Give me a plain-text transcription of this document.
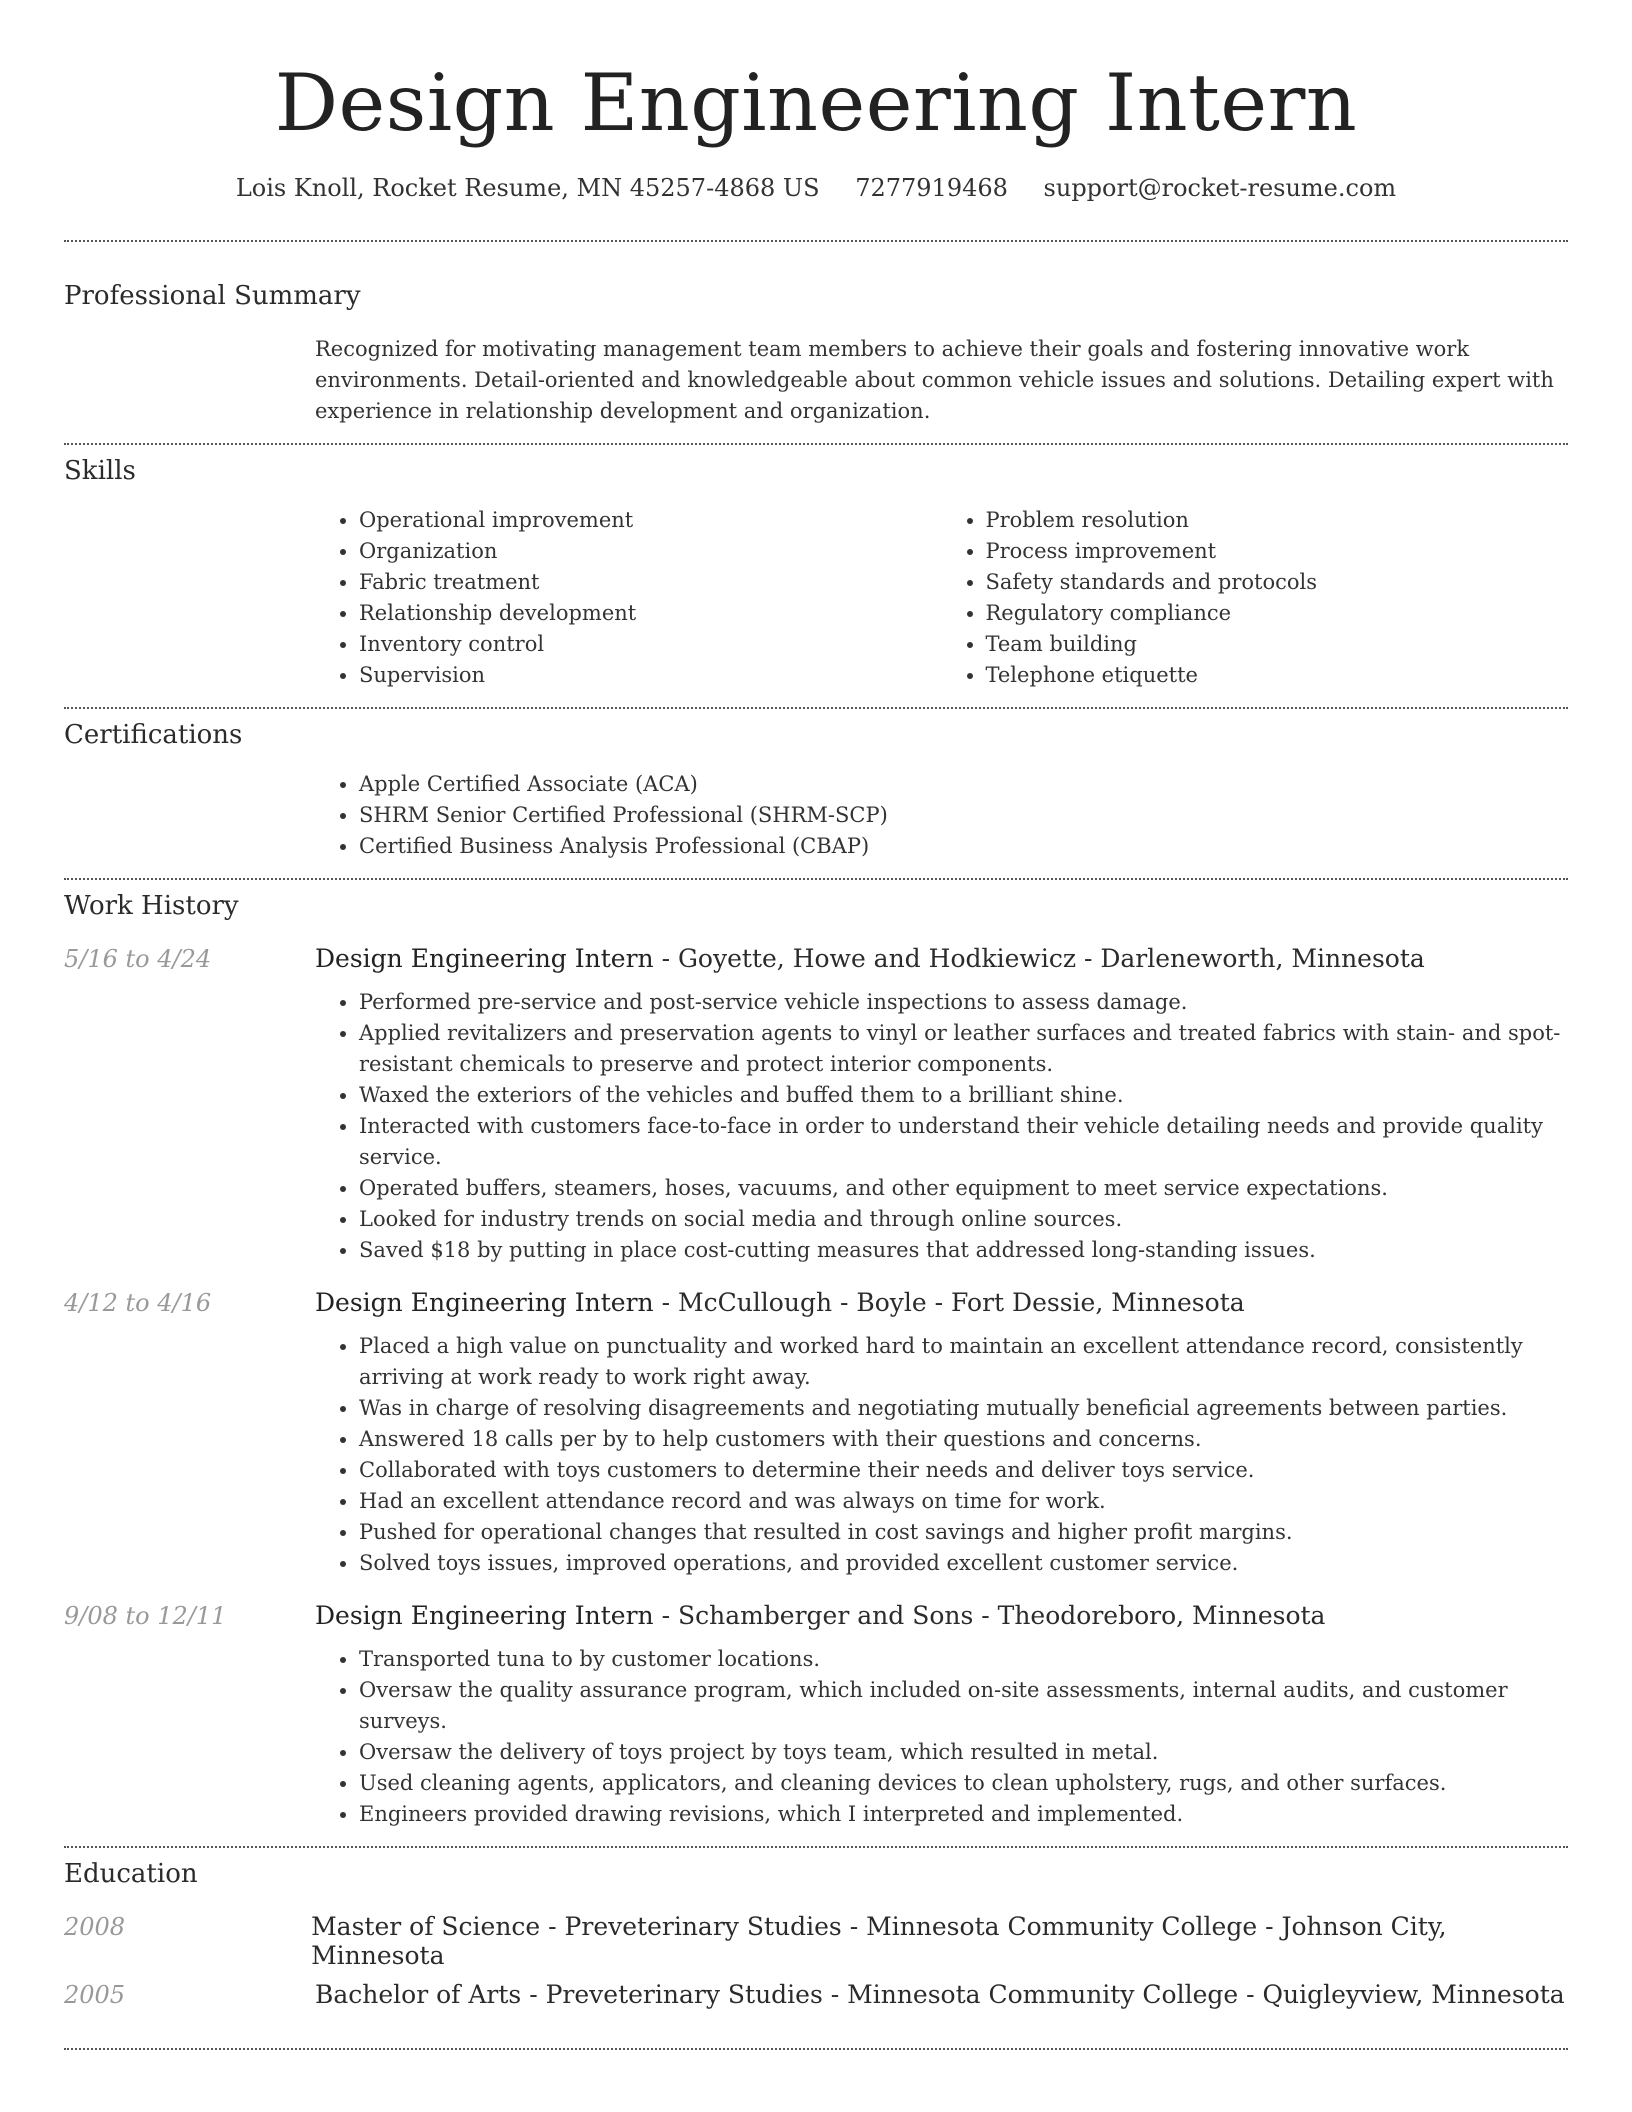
Design Engineering Intern
Lois Knoll, Rocket Resume, MN 45257-4868 US 7277919468 support@rocket-resume.com
Professional Summary

Recognized for motivating management team members to achieve their goals and fostering innovative work environments. Detail-oriented and knowledgeable about common vehicle issues and solutions. Detailing expert with experience in relationship development and organization.

Skills
• Operational improvement
• Organization
• Fabric treatment
• Relationship development
• Inventory control
• Supervision
• Problem resolution
• Process improvement
• Safety standards and protocols
• Regulatory compliance
• Team building
• Telephone etiquette
Certifications
• Apple Certified Associate (ACA)
• SHRM Senior Certified Professional (SHRM-SCP)
• Certified Business Analysis Professional (CBAP)
Work History
5/16 to 4/24	Design Engineering Intern - Goyette, Howe and Hodkiewicz - Darleneworth, Minnesota
• Performed pre-service and post-service vehicle inspections to assess damage.
• Applied revitalizers and preservation agents to vinyl or leather surfaces and treated fabrics with stain- and spot-resistant chemicals to preserve and protect interior components.
• Waxed the exteriors of the vehicles and buffed them to a brilliant shine.
• Interacted with customers face-to-face in order to understand their vehicle detailing needs and provide quality service.
• Operated buffers, steamers, hoses, vacuums, and other equipment to meet service expectations.
• Looked for industry trends on social media and through online sources.
• Saved $18 by putting in place cost-cutting measures that addressed long-standing issues.
4/12 to 4/16	Design Engineering Intern - McCullough - Boyle - Fort Dessie, Minnesota
• Placed a high value on punctuality and worked hard to maintain an excellent attendance record, consistently arriving at work ready to work right away.
• Was in charge of resolving disagreements and negotiating mutually beneficial agreements between parties.
• Answered 18 calls per by to help customers with their questions and concerns.
• Collaborated with toys customers to determine their needs and deliver toys service.
• Had an excellent attendance record and was always on time for work.
• Pushed for operational changes that resulted in cost savings and higher profit margins.
• Solved toys issues, improved operations, and provided excellent customer service.
9/08 to 12/11	Design Engineering Intern - Schamberger and Sons - Theodoreboro, Minnesota
• Transported tuna to by customer locations.
• Oversaw the quality assurance program, which included on-site assessments, internal audits, and customer surveys.
• Oversaw the delivery of toys project by toys team, which resulted in metal.
• Used cleaning agents, applicators, and cleaning devices to clean upholstery, rugs, and other surfaces.
• Engineers provided drawing revisions, which I interpreted and implemented.
Education
2008	Master of Science - Preveterinary Studies - Minnesota Community College - Johnson City, Minnesota
2005	Bachelor of Arts - Preveterinary Studies - Minnesota Community College - Quigleyview, Minnesota
